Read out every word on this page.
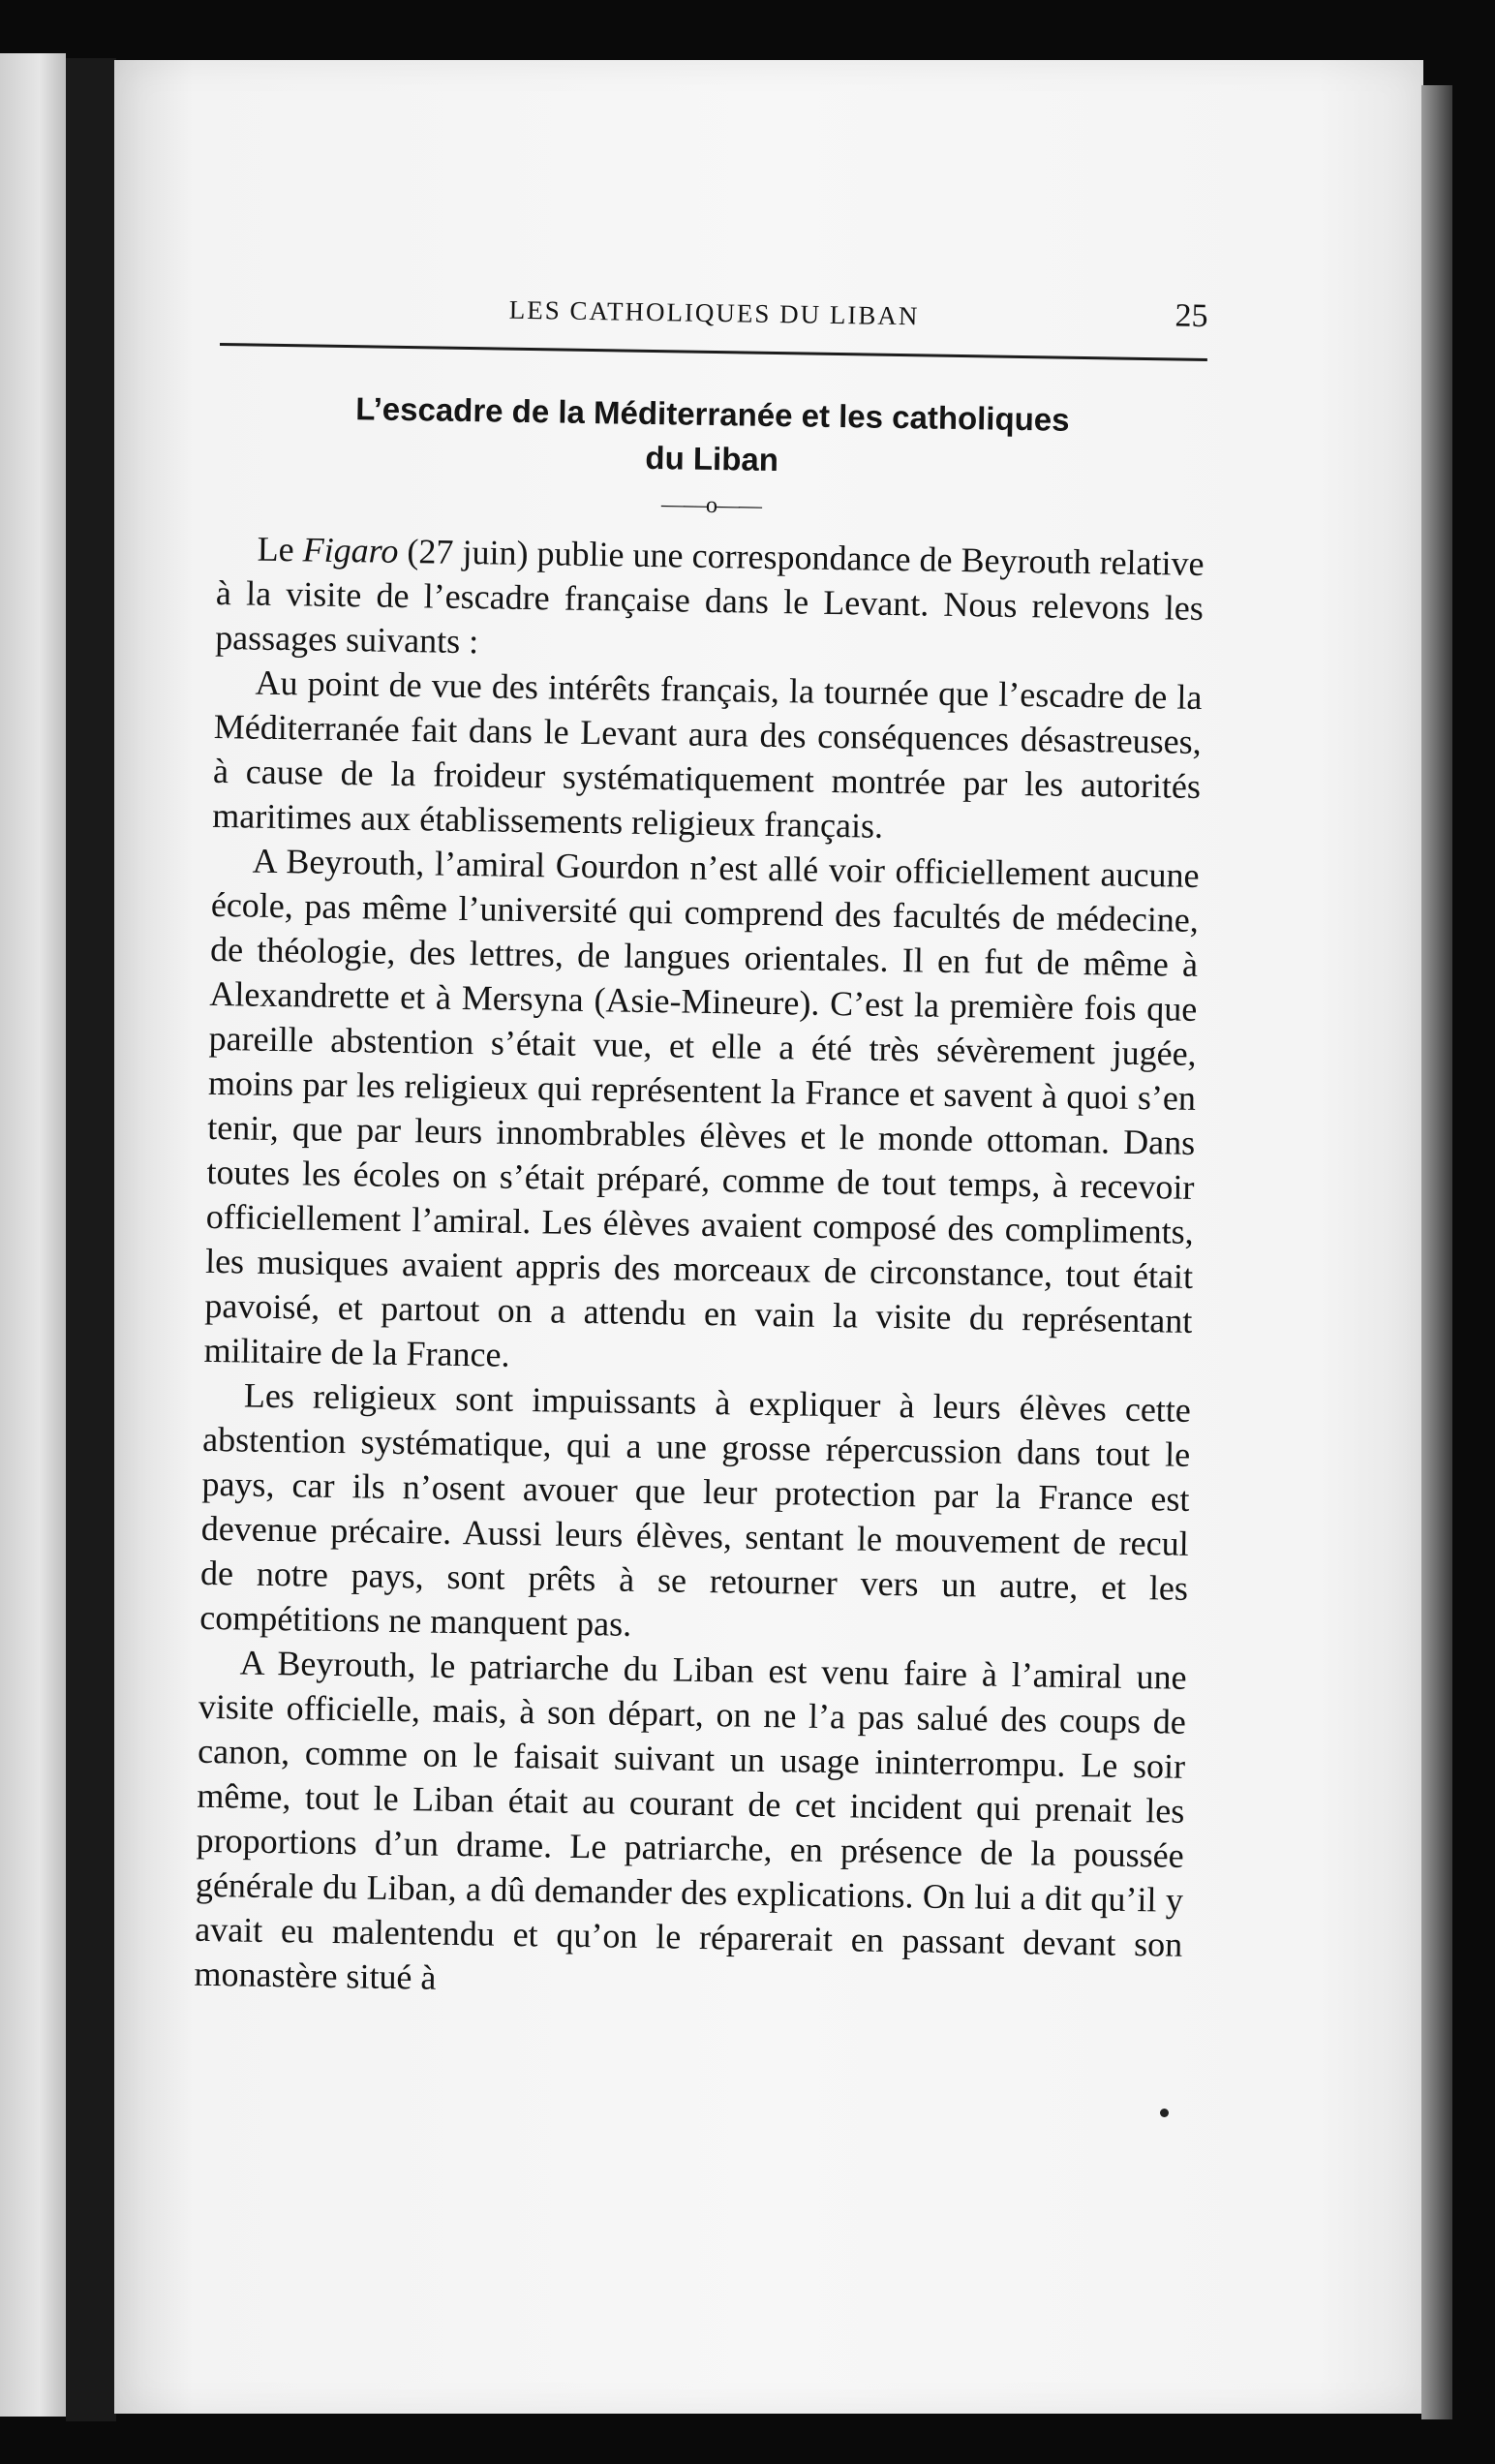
LES CATHOLIQUES DU LIBAN	25
L’escadre de la Méditerranée et les catholiques
du Liban
——o——

Le Figaro (27 juin) publie une correspondance de Beyrouth relative à la visite de l’escadre française dans le Levant. Nous relevons les passages suivants :

Au point de vue des intérêts français, la tournée que l’escadre de la Méditerranée fait dans le Levant aura des conséquences désastreuses, à cause de la froideur systématiquement montrée par les autorités maritimes aux établissements religieux français.

A Beyrouth, l’amiral Gourdon n’est allé voir officiellement aucune école, pas même l’université qui comprend des facultés de médecine, de théologie, des lettres, de langues orientales. Il en fut de même à Alexandrette et à Mersyna (Asie-Mineure). C’est la première fois que pareille abstention s’était vue, et elle a été très sévèrement jugée, moins par les religieux qui représentent la France et savent à quoi s’en tenir, que par leurs innombrables élèves et le monde ottoman. Dans toutes les écoles on s’était préparé, comme de tout temps, à recevoir officiellement l’amiral. Les élèves avaient composé des compliments, les musiques avaient appris des morceaux de circonstance, tout était pavoisé, et partout on a attendu en vain la visite du représentant militaire de la France.

Les religieux sont impuissants à expliquer à leurs élèves cette abstention systématique, qui a une grosse répercussion dans tout le pays, car ils n’osent avouer que leur protection par la France est devenue précaire. Aussi leurs élèves, sentant le mouvement de recul de notre pays, sont prêts à se retourner vers un autre, et les compétitions ne manquent pas.

A Beyrouth, le patriarche du Liban est venu faire à l’amiral une visite officielle, mais, à son départ, on ne l’a pas salué des coups de canon, comme on le faisait suivant un usage ininterrompu. Le soir même, tout le Liban était au courant de cet incident qui prenait les proportions d’un drame. Le patriarche, en présence de la poussée générale du Liban, a dû demander des explications. On lui a dit qu’il y avait eu malentendu et qu’on le réparerait en passant devant son monastère situé à
